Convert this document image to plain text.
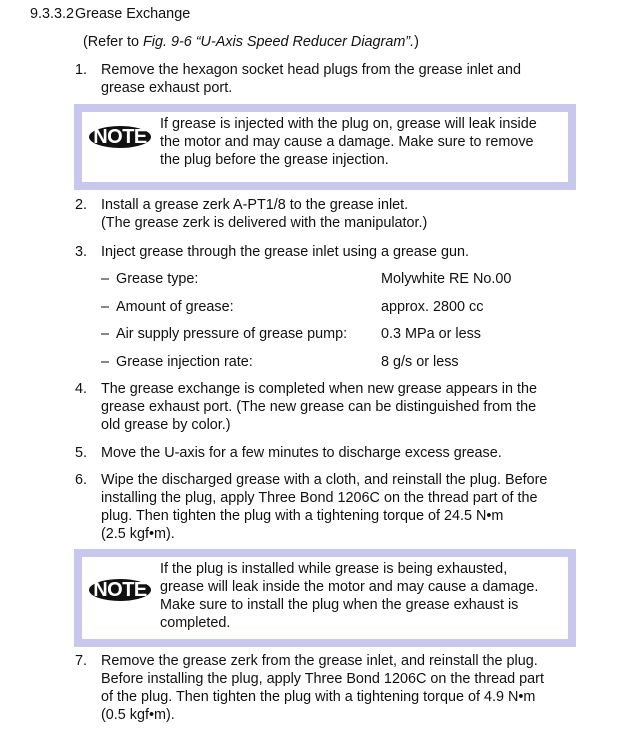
9.3.3.2 Grease Exchange
(Refer to Fig. 9-6 “U-Axis Speed Reducer Diagram”.)
1. Remove the hexagon socket head plugs from the grease inlet and
grease exhaust port.
NOTE
If grease is injected with the plug on, grease will leak inside
the motor and may cause a damage. Make sure to remove
the plug before the grease injection.
2. Install a grease zerk A-PT1/8 to the grease inlet.
(The grease zerk is delivered with the manipulator.)
3. Inject grease through the grease inlet using a grease gun.
– Grease type:	Molywhite RE No.00
– Amount of grease:	approx. 2800 cc
– Air supply pressure of grease pump: 0.3 MPa or less
– Grease injection rate:	8 g/s or less
4. The grease exchange is completed when new grease appears in the
grease exhaust port. (The new grease can be distinguished from the
old grease by color.)
5. Move the U-axis for a few minutes to discharge excess grease.
6. Wipe the discharged grease with a cloth, and reinstall the plug. Before
installing the plug, apply Three Bond 1206C on the thread part of the
plug. Then tighten the plug with a tightening torque of 24.5 N•m
(2.5 kgf•m).
NOTE
If the plug is installed while grease is being exhausted,
grease will leak inside the motor and may cause a damage.
Make sure to install the plug when the grease exhaust is
completed.
7. Remove the grease zerk from the grease inlet, and reinstall the plug.
Before installing the plug, apply Three Bond 1206C on the thread part
of the plug. Then tighten the plug with a tightening torque of 4.9 N•m
(0.5 kgf•m).
